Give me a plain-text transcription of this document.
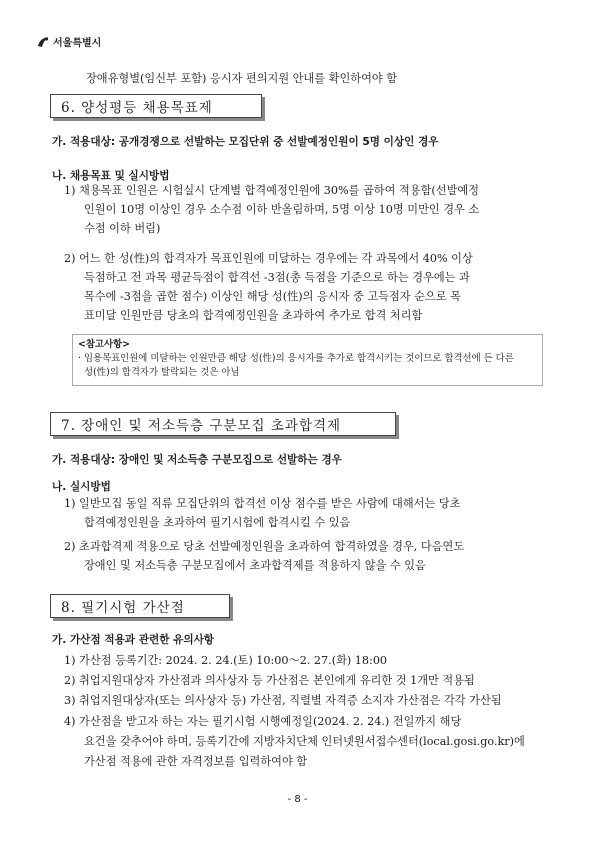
서울특별시
장애유형별(임신부 포함) 응시자 편의지원 안내를 확인하여야 함
6. 양성평등 채용목표제
가. 적용대상: 공개경쟁으로 선발하는 모집단위 중 선발예정인원이 5명 이상인 경우
나. 채용목표 및 실시방법
1) 채용목표 인원은 시험실시 단계별 합격예정인원에 30%를 곱하여 적용함(선발예정
인원이 10명 이상인 경우 소수점 이하 반올림하며, 5명 이상 10명 미만인 경우 소
수점 이하 버림)
2) 어느 한 성(性)의 합격자가 목표인원에 미달하는 경우에는 각 과목에서 40% 이상
득점하고 전 과목 평균득점이 합격선 -3점(총 득점을 기준으로 하는 경우에는 과
목수에 -3점을 곱한 점수) 이상인 해당 성(性)의 응시자 중 고득점자 순으로 목
표미달 인원만큼 당초의 합격예정인원을 초과하여 추가로 합격 처리함
<참고사항>
· 임용목표인원에 미달하는 인원만큼 해당 성(性)의 응시자를 추가로 합격시키는 것이므로 합격선에 든 다른
성(性)의 합격자가 탈락되는 것은 아님
7. 장애인 및 저소득층 구분모집 초과합격제
가. 적용대상: 장애인 및 저소득층 구분모집으로 선발하는 경우
나. 실시방법
1) 일반모집 동일 직류 모집단위의 합격선 이상 점수를 받은 사람에 대해서는 당초
합격예정인원을 초과하여 필기시험에 합격시킬 수 있음
2) 초과합격제 적용으로 당초 선발예정인원을 초과하여 합격하였을 경우, 다음연도
장애인 및 저소득층 구분모집에서 초과합격제를 적용하지 않을 수 있음
8. 필기시험 가산점
가. 가산점 적용과 관련한 유의사항
1) 가산점 등록기간: 2024. 2. 24.(토) 10:00～2. 27.(화) 18:00
2) 취업지원대상자 가산점과 의사상자 등 가산점은 본인에게 유리한 것 1개만 적용됨
3) 취업지원대상자(또는 의사상자 등) 가산점, 직렬별 자격증 소지자 가산점은 각각 가산됨
4) 가산점을 받고자 하는 자는 필기시험 시행예정일(2024. 2. 24.) 전일까지 해당
요건을 갖추어야 하며, 등록기간에 지방자치단체 인터넷원서접수센터(local.gosi.go.kr)에
가산점 적용에 관한 자격정보를 입력하여야 함
- 8 -
